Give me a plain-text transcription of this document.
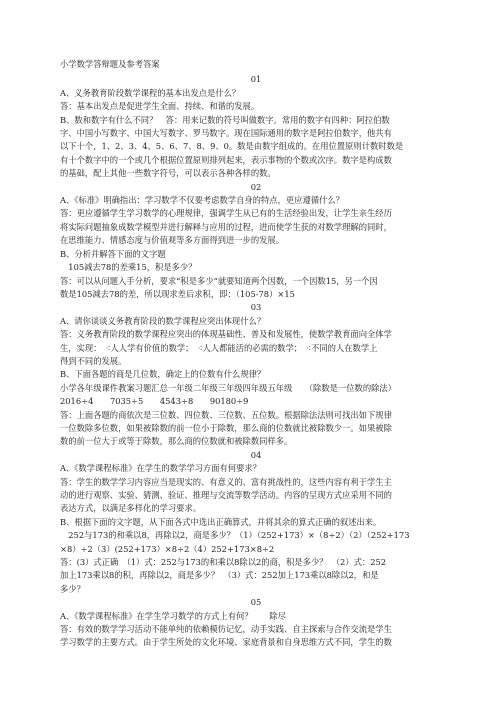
小学数学答辩题及参考答案
01
A、义务教育阶段数学课程的基本出发点是什么？
答：基本出发点是促进学生全面、持续、和谐的发展。
B、数和数字有什么不同？　答：用来记数的符号叫做数字。常用的数字有四种：阿拉伯数
字、中国小写数字、中国大写数字、罗马数字。现在国际通用的数字是阿拉伯数字，他共有
以下十个，1、2、3、4、5、6、7、8、9、0。数是由数字组成的。在用位置原则计数时数是
有十个数字中的一个或几个根据位置原则排列起来，表示事物的个数或次序。数字是构成数
的基础，配上其他一些数字符号，可以表示各种各样的数。
02
A、《标准》明确指出：学习数学不仅要考虑数学自身的特点，更应遵循什么？
答：更应遵循学生学习数学的心理规律，强调学生从已有的生活经验出发，让学生亲生经历
将实际问题抽象成数学模型并进行解释与应用的过程，进而使学生获的对数学理解的同时，
在思维能力、情感态度与价值观等多方面得到进一步的发展。
B、分析并解答下面的文字题
　105减去78的差乘15，积是多少？
答：可以从问题入手分析，要求“积是多少”就要知道两个因数，一个因数15，另一个因
数是105减去78的差，所以现求差后求积，即：（105-78）×15
03
A、请你谈谈义务教育阶段的数学课程应突出体现什么？
答：义务教育阶段的数学课程应突出的体现基础性、普及和发展性，使数学教育面向全体学
生，实现：　⁖人人学有价值的数学；　⁖人人都能活的必需的数学；　⁖不同的人在数学上
得到不同的发展。
B、下面各题的商是几位数，确定上的位数有什么规律？
小学各年级课件教案习题汇总一年级二年级三年级四年级五年级　　（除数是一位数的除法）
2016÷4　　7035÷5　　4543÷8　　90180÷9
答：上面各题的商依次是三位数、四位数、三位数、五位数。根据除法法则可找出如下规律
一位数除多位数，如果被除数的前一位小于除数，那么商的位数就比被除数少一。如果被除
数的前一位大于或等于除数，那么商的位数就和被除数同样多。
04
A、《数学课程标准》在学生的数学学习方面有何要求？
答：学生的数学学习内容应当是现实的、有意义的、富有挑战性的，这些内容有利于学生主
动的进行观察、实验、猜测、验证、推理与交流等数学活动。内容的呈现方式应采用不同的
表达方式，以满足多样化的学习要求。
B、根据下面的文字题，从下面各式中选出正确算式，并将其余的算式正确的叙述出来。
　252与173的和乘以8，再除以2，商是多少？（1）（252+173）×（8÷2）（2）（252+173
×8）÷2（3）(252+173）×8÷2（4）252+173×8÷2
答：(3）式正确　（1）式：252与173的和乘以8除以2的商，积是多少？　（2）式：252
加上173乘以8的积，再除以2，商是多少？　（3）式：252加上173乘以8除以2，和是
多少？
05
A、《数学课程标准》在学生学习数学的方式上有何？　　除尽
答：有效的数学学习活动不能单纯的依赖模仿记忆，动手实践、自主探索与合作交流是学生
学习数学的主要方式。由于学生所处的文化环境、家庭背景和自身思维方式不同，学生的数
